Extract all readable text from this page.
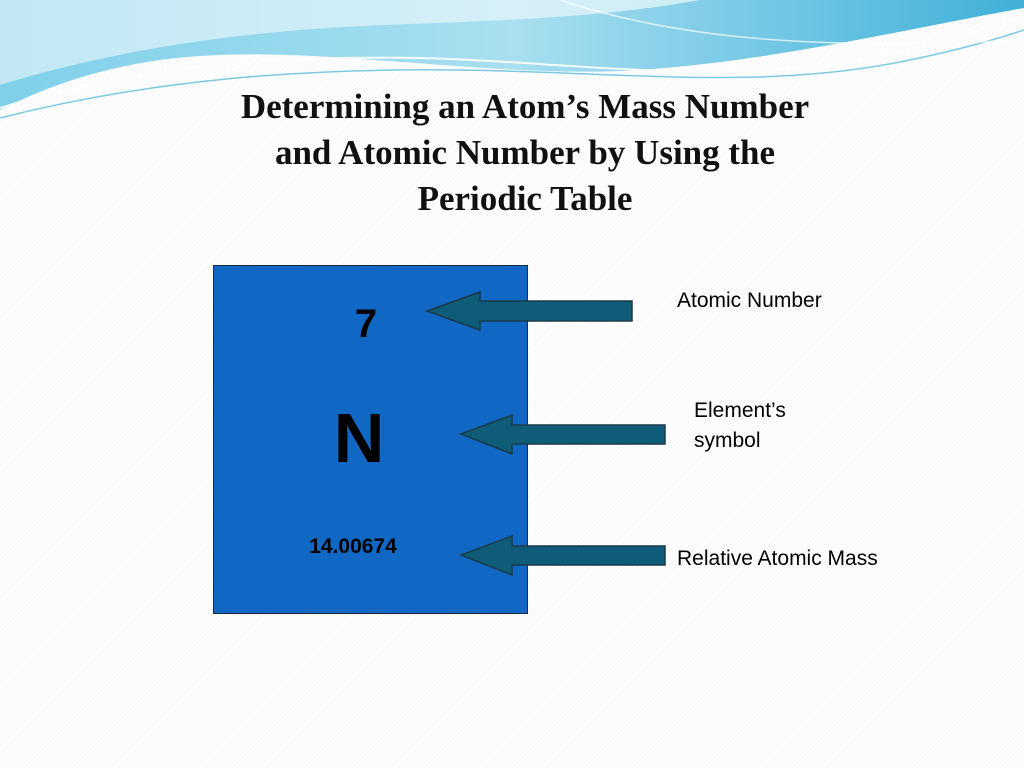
Determining an Atom’s Mass Number
and Atomic Number by Using the
Periodic Table
7
N
14.00674
Atomic Number
Element’s
symbol
Relative Atomic Mass
